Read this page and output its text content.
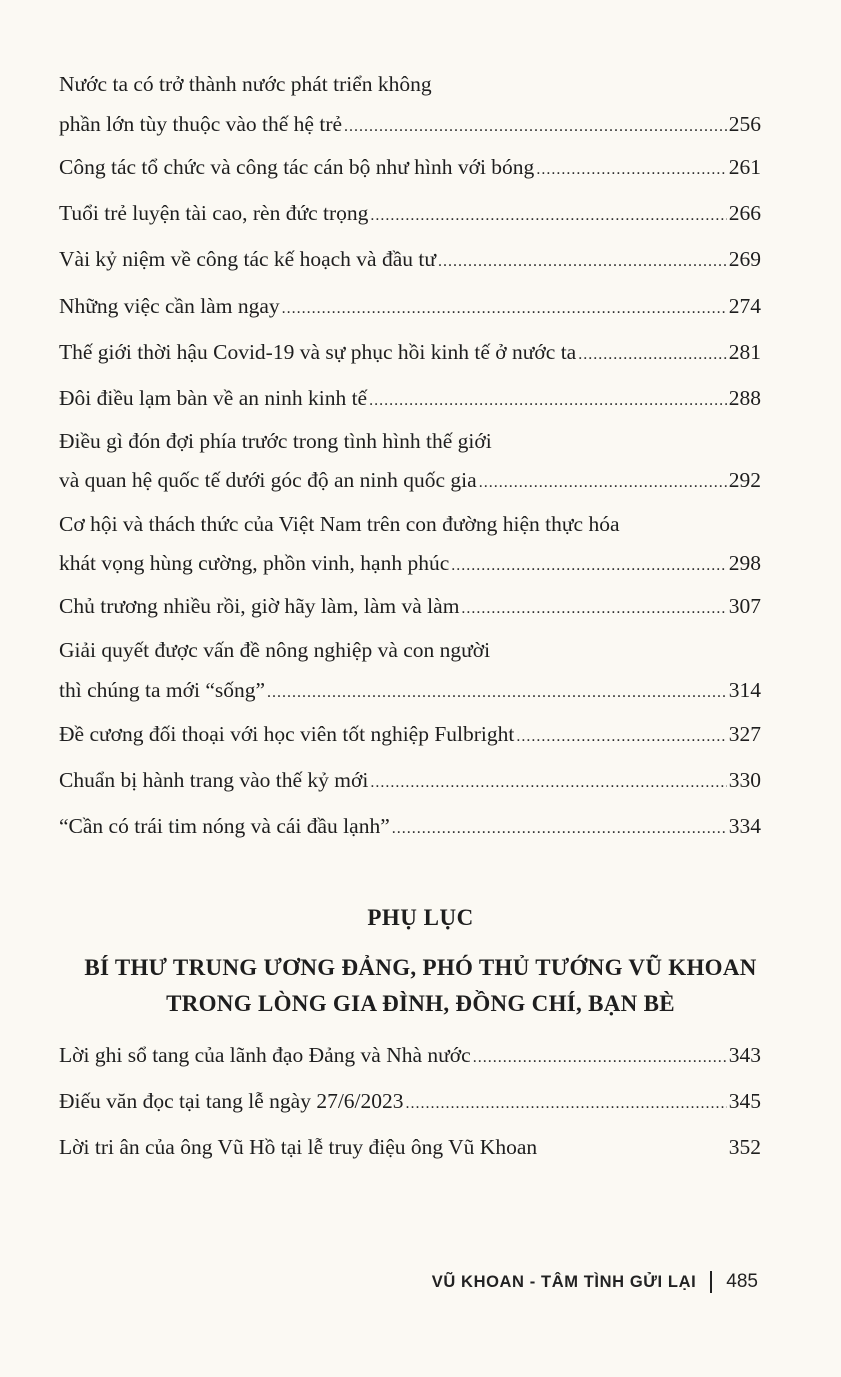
Nước ta có trở thành nước phát triển không
phần lớn tùy thuộc vào thế hệ trẻ .....	256
Công tác tổ chức và công tác cán bộ như hình với bóng .....	261
Tuổi trẻ luyện tài cao, rèn đức trọng .....	266
Vài kỷ niệm về công tác kế hoạch và đầu tư .....	269
Những việc cần làm ngay .....	274
Thế giới thời hậu Covid-19 và sự phục hồi kinh tế ở nước ta .....	281
Đôi điều lạm bàn về an ninh kinh tế .....	288
Điều gì đón đợi phía trước trong tình hình thế giới
và quan hệ quốc tế dưới góc độ an ninh quốc gia .....	292
Cơ hội và thách thức của Việt Nam trên con đường hiện thực hóa
khát vọng hùng cường, phồn vinh, hạnh phúc .....	298
Chủ trương nhiều rồi, giờ hãy làm, làm và làm .....	307
Giải quyết được vấn đề nông nghiệp và con người
thì chúng ta mới “sống” .....	314
Đề cương đối thoại với học viên tốt nghiệp Fulbright .....	327
Chuẩn bị hành trang vào thế kỷ mới .....	330
“Cần có trái tim nóng và cái đầu lạnh” .....	334
PHỤ LỤC
BÍ THƯ TRUNG ƯƠNG ĐẢNG, PHÓ THỦ TƯỚNG VŨ KHOAN
TRONG LÒNG GIA ĐÌNH, ĐỒNG CHÍ, BẠN BÈ
Lời ghi sổ tang của lãnh đạo Đảng và Nhà nước .....	343
Điếu văn đọc tại tang lễ ngày 27/6/2023 .....	345
Lời tri ân của ông Vũ Hồ tại lễ truy điệu ông Vũ Khoan	352
VŨ KHOAN - TÂM TÌNH GỬI LẠI 485
